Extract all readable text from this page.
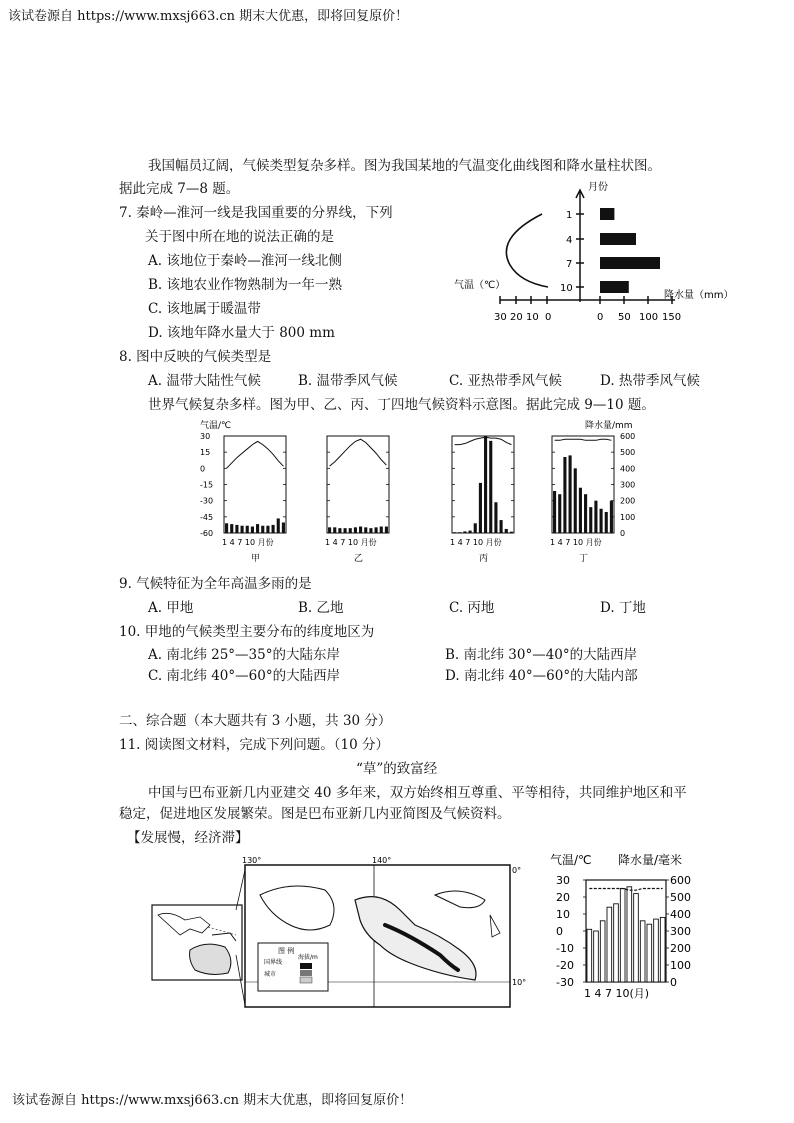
该试卷源自 https://www.mxsj663.cn 期末大优惠，即将回复原价！
我国幅员辽阔，气候类型复杂多样。图为我国某地的气温变化曲线图和降水量柱状图。
据此完成 7—8 题。
7. 秦岭—淮河一线是我国重要的分界线，下列
关于图中所在地的说法正确的是
A. 该地位于秦岭—淮河一线北侧
B. 该地农业作物熟制为一年一熟
C. 该地属于暖温带
D. 该地年降水量大于 800 mm
月份
1
4
7
10
气温（℃）
降水量（mm）
30 20 10 0	0 50 100 150
8. 图中反映的气候类型是
A. 温带大陆性气候	B. 温带季风气候	C. 亚热带季风气候	D. 热带季风气候
世界气候复杂多样。图为甲、乙、丙、丁四地气候资料示意图。据此完成 9—10 题。
气温/℃	降水量/mm
30
15
0
-15
-30
-45
-60
600
500
400
300
200
100
0
1 4 7 10 月份
甲
1 4 7 10 月份
乙
1 4 7 10 月份
丙
1 4 7 10 月份
丁
9. 气候特征为全年高温多雨的是
A. 甲地	B. 乙地	C. 丙地	D. 丁地
10. 甲地的气候类型主要分布的纬度地区为
A. 南北纬 25°—35°的大陆东岸	B. 南北纬 30°—40°的大陆西岸
C. 南北纬 40°—60°的大陆西岸	D. 南北纬 40°—60°的大陆内部
二、综合题（本大题共有 3 小题，共 30 分）
11. 阅读图文材料，完成下列问题。（10 分）
“草”的致富经
中国与巴布亚新几内亚建交 40 多年来，双方始终相互尊重、平等相待，共同维护地区和平
稳定，促进地区发展繁荣。图是巴布亚新几内亚简图及气候资料。
【发展慢，经济滞】
130°	140°
0°
10°
图 例
国界线
城市
海拔/m
气温/℃ 降水量/毫米
30
20
10
0
-10
-20
-30
600
500
400
300
200
100
0
1 4 7 10(月)
该试卷源自 https://www.mxsj663.cn 期末大优惠，即将回复原价！
